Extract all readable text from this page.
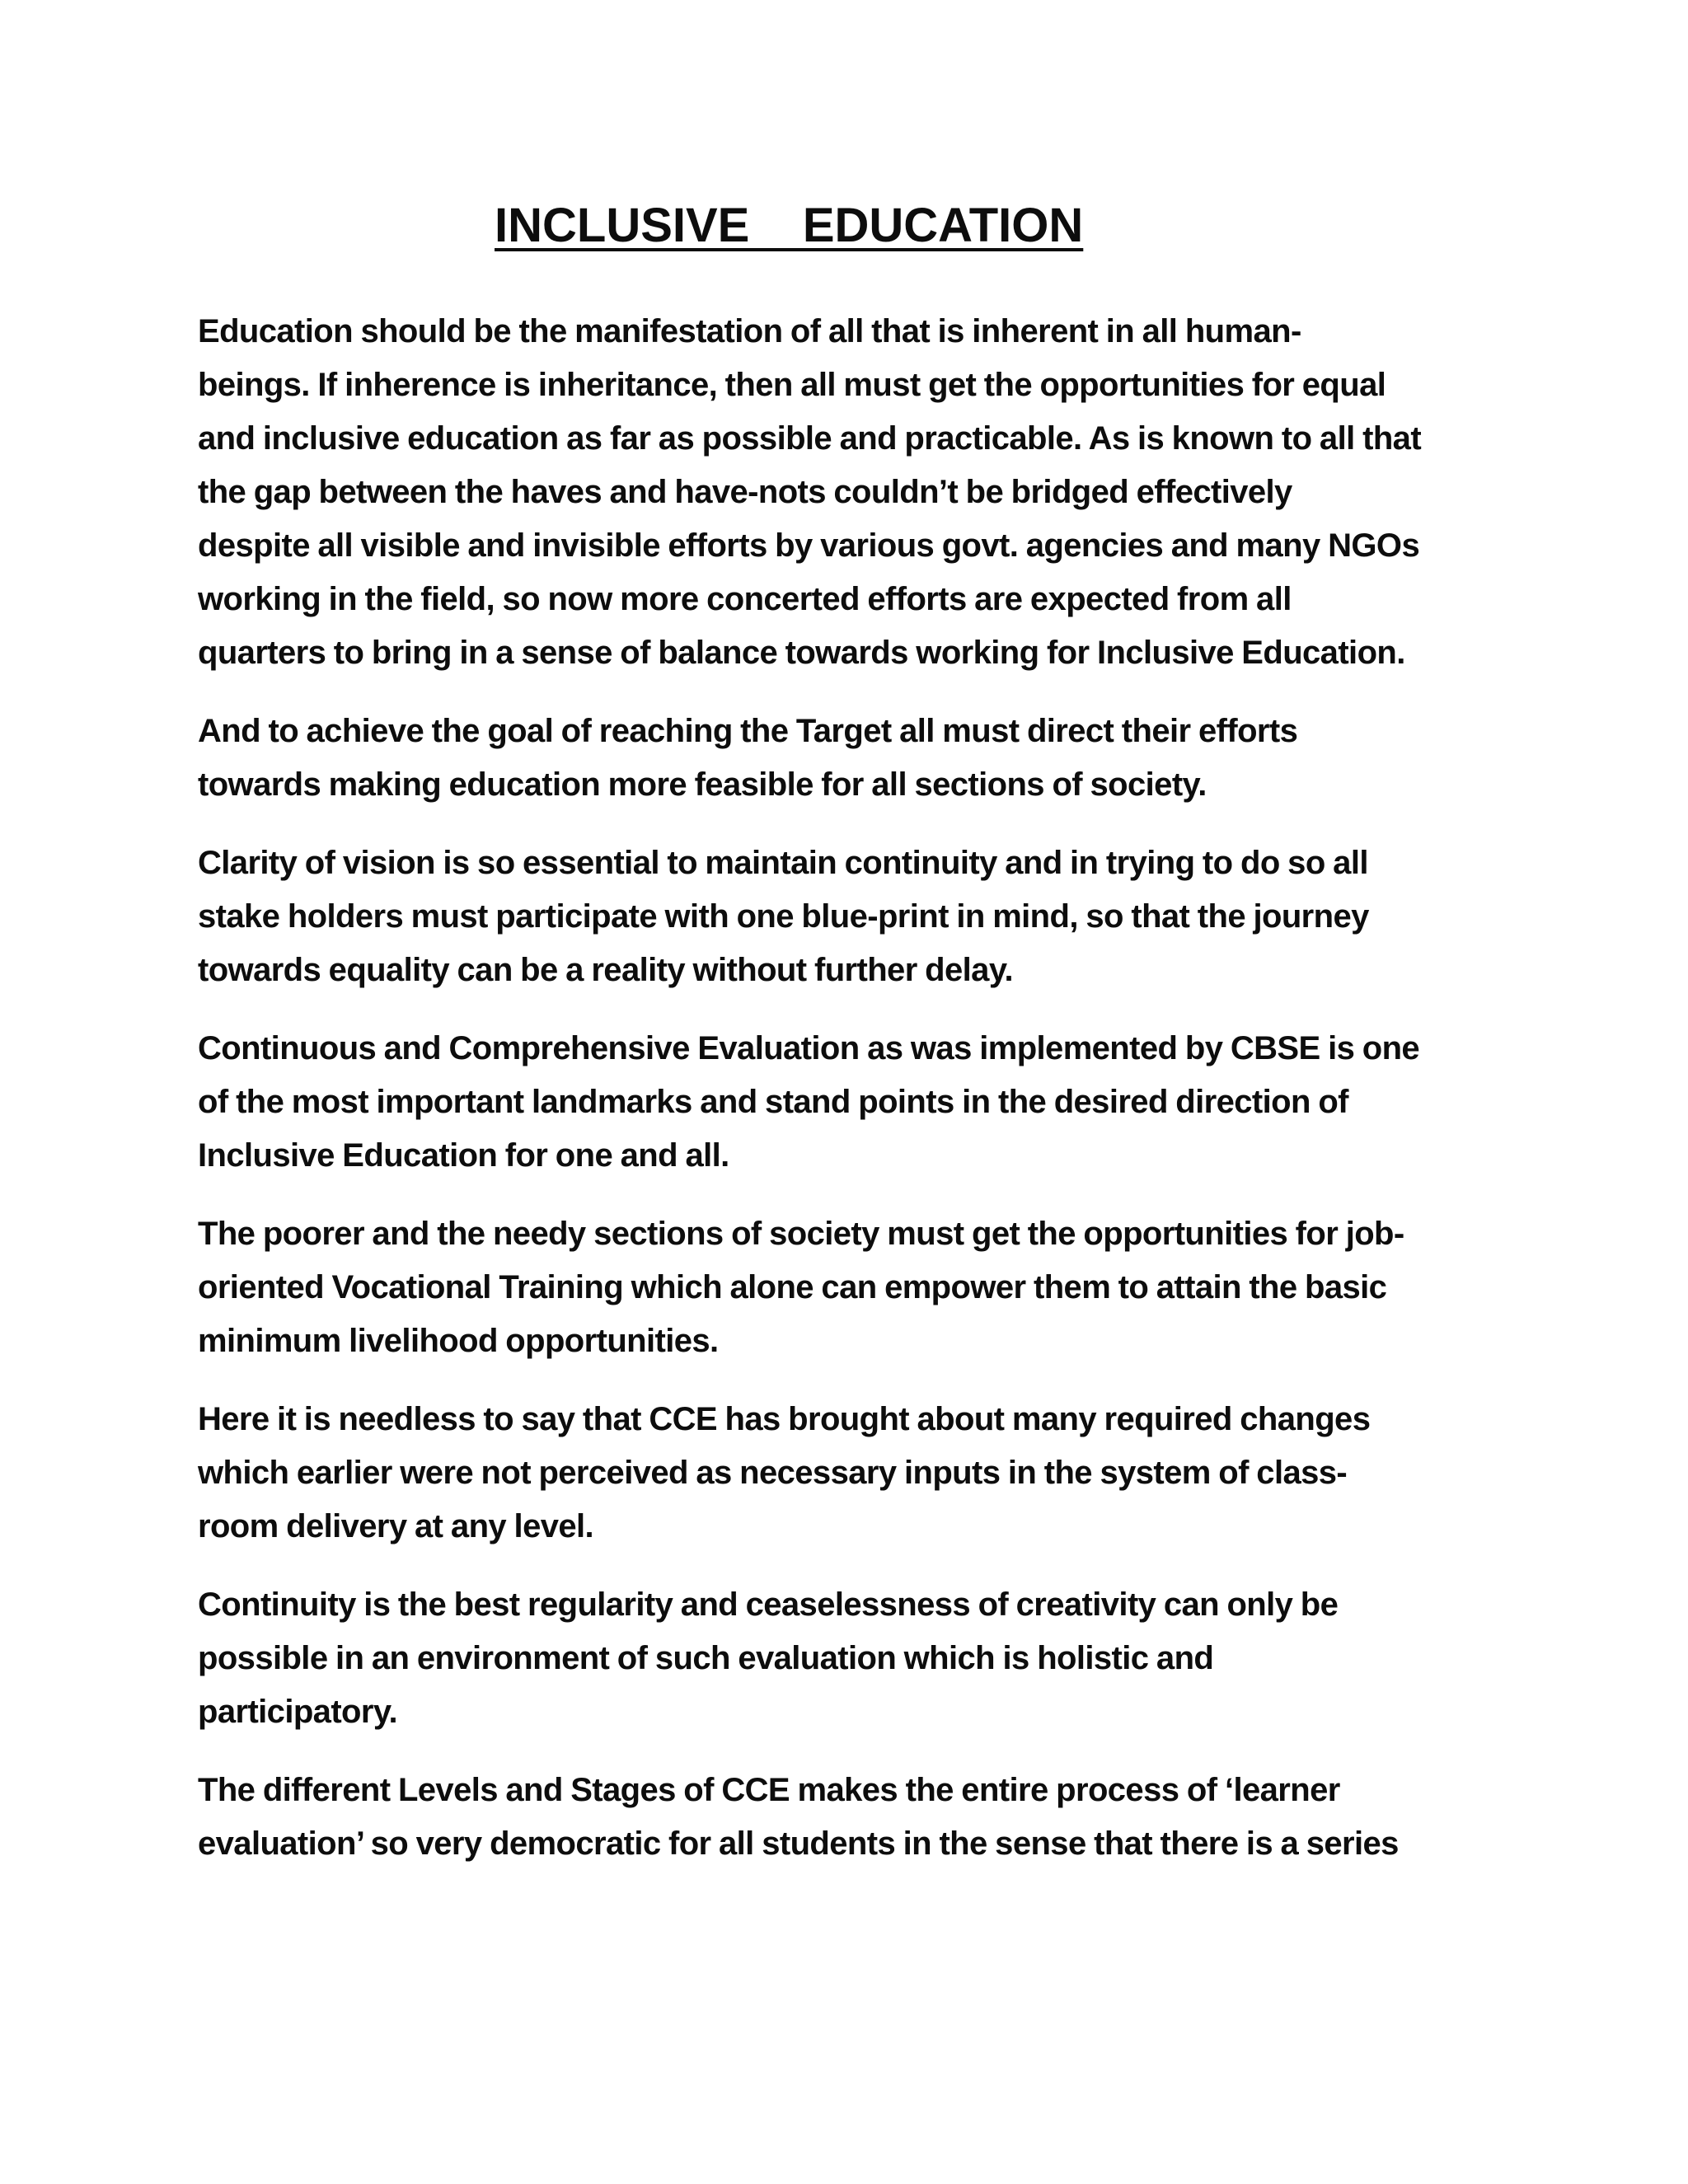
INCLUSIVE    EDUCATION

Education should be the manifestation of all that is inherent in all human-
beings. If inherence is inheritance, then all must get the opportunities for equal
and inclusive education as far as possible and practicable. As is known to all that
the gap between the haves and have-nots couldn’t be bridged effectively
despite all visible and invisible efforts by various govt. agencies and many NGOs
working in the field, so now more concerted efforts are expected from all
quarters to bring in a sense of balance towards working for Inclusive Education.

And to achieve the goal of reaching the Target all must direct their efforts
towards making education more feasible for all sections of society.

Clarity of vision is so essential to maintain continuity and in trying to do so all
stake holders must participate with one blue-print in mind, so that the journey
towards equality can be a reality without further delay.

Continuous and Comprehensive Evaluation as was implemented by CBSE is one
of the most important landmarks and stand points in the desired direction of
Inclusive Education for one and all.

The poorer and the needy sections of society must get the opportunities for job-
oriented Vocational Training which alone can empower them to attain the basic
minimum livelihood opportunities.

Here it is needless to say that CCE has brought about many required changes
which earlier were not perceived as necessary inputs in the system of class-
room delivery at any level.

Continuity is the best regularity and ceaselessness of creativity can only be
possible in an environment of such evaluation which is holistic and
participatory.

The different Levels and Stages of CCE makes the entire process of ‘learner
evaluation’ so very democratic for all students in the sense that there is a series
